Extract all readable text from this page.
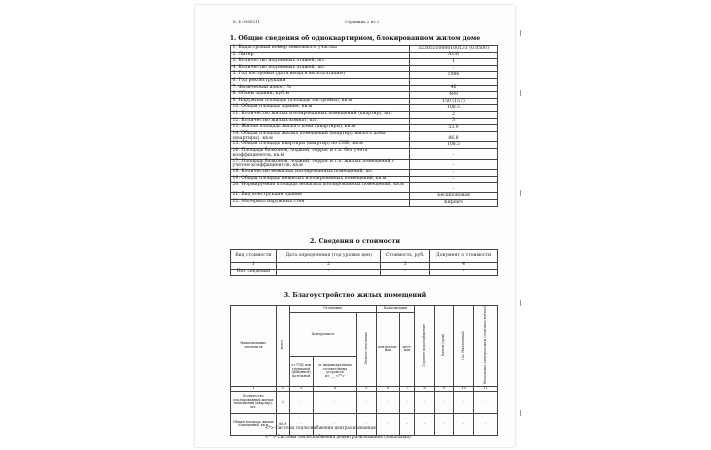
lt. 4 0985511	Страница 2 из 2
1. Общие сведения об одноквартирном, блокированном жилом доме
1. Кадастровый номер земельного участка	32305510000100131 (0.0500)
2. Литер	А1/6
3. Количество надземных этажей, шт.	1
4. Количество подземных этажей, шт.	-
5. Год постройки (дата ввода в эксплуатацию)	1986
6. Год реконструкции	
7. Физический износ, %	40
8. Объем здания, куб.м	489
9. Наружная площадь (площадь застройки), кв.м	150 (157)
10. Общая площадь здания, кв.м	108.5
11. Количество жилых изолированных помещений (квартир), шт.	2
12. Количество жилых комнат, шт.	5
13. Жилая площадь жилого дома (квартиры), кв.м	53.9
14. Общая площадь жилых помещений (квартир) жилого дома (квартиры), кв.м	86.8
15. Общая площадь квартиры (квартир) по СНБ, кв.м	108.5
16. Площадь балконов, лоджий, террас и т.п. без учета коэффициентов, кв.м	-
17. Площадь балконов, лоджий, террас и т.п. жилых помещений с учетом коэффициентов, кв.м	-
18. Количество нежилых изолированных помещений, шт.	-
19. Общая площадь нежилых изолированных помещений, кв.м	-
20. Нормируемая площадь нежилых изолированных помещений, кв.м	-
21. Вид конструкции здания	Бесшпоновая
22. Материал наружных стен	Кирпич
2. Сведения о стоимости
Вид стоимости	Дата определения (год уровня цен)	Стоимость, руб.	Документ о стоимости
1	2	3	4
Нет сведений	-	-	-
3. Благоустройство жилых помещений
Наименование элементов	всего	Отопление			Канализация		Горячее водоснабжение	Ванны (душ)	Газ (баллонный)	Напольные электроплиты (отдельно взятые)
		Центральное		Печное отопление	централиз- ная	мест- ная				
		от ТЭЦ или групповой (районной) котельной	от индивидуальных отопительных устройств
из ___ <**>							
1	2	3	4	5	6	7	8	9	10	11
Количество изолированных жилых помещений (квартир), шт.	2	-	-	-	-	-	-	-	-	-
Общая площадь жилых помещений, кв.м	86.8	-	-	-	-	-	-	-	-	-
<*> Система теплоснабжения централизованная.
<**> Система теплоснабжения децентрализованная (локальная).
